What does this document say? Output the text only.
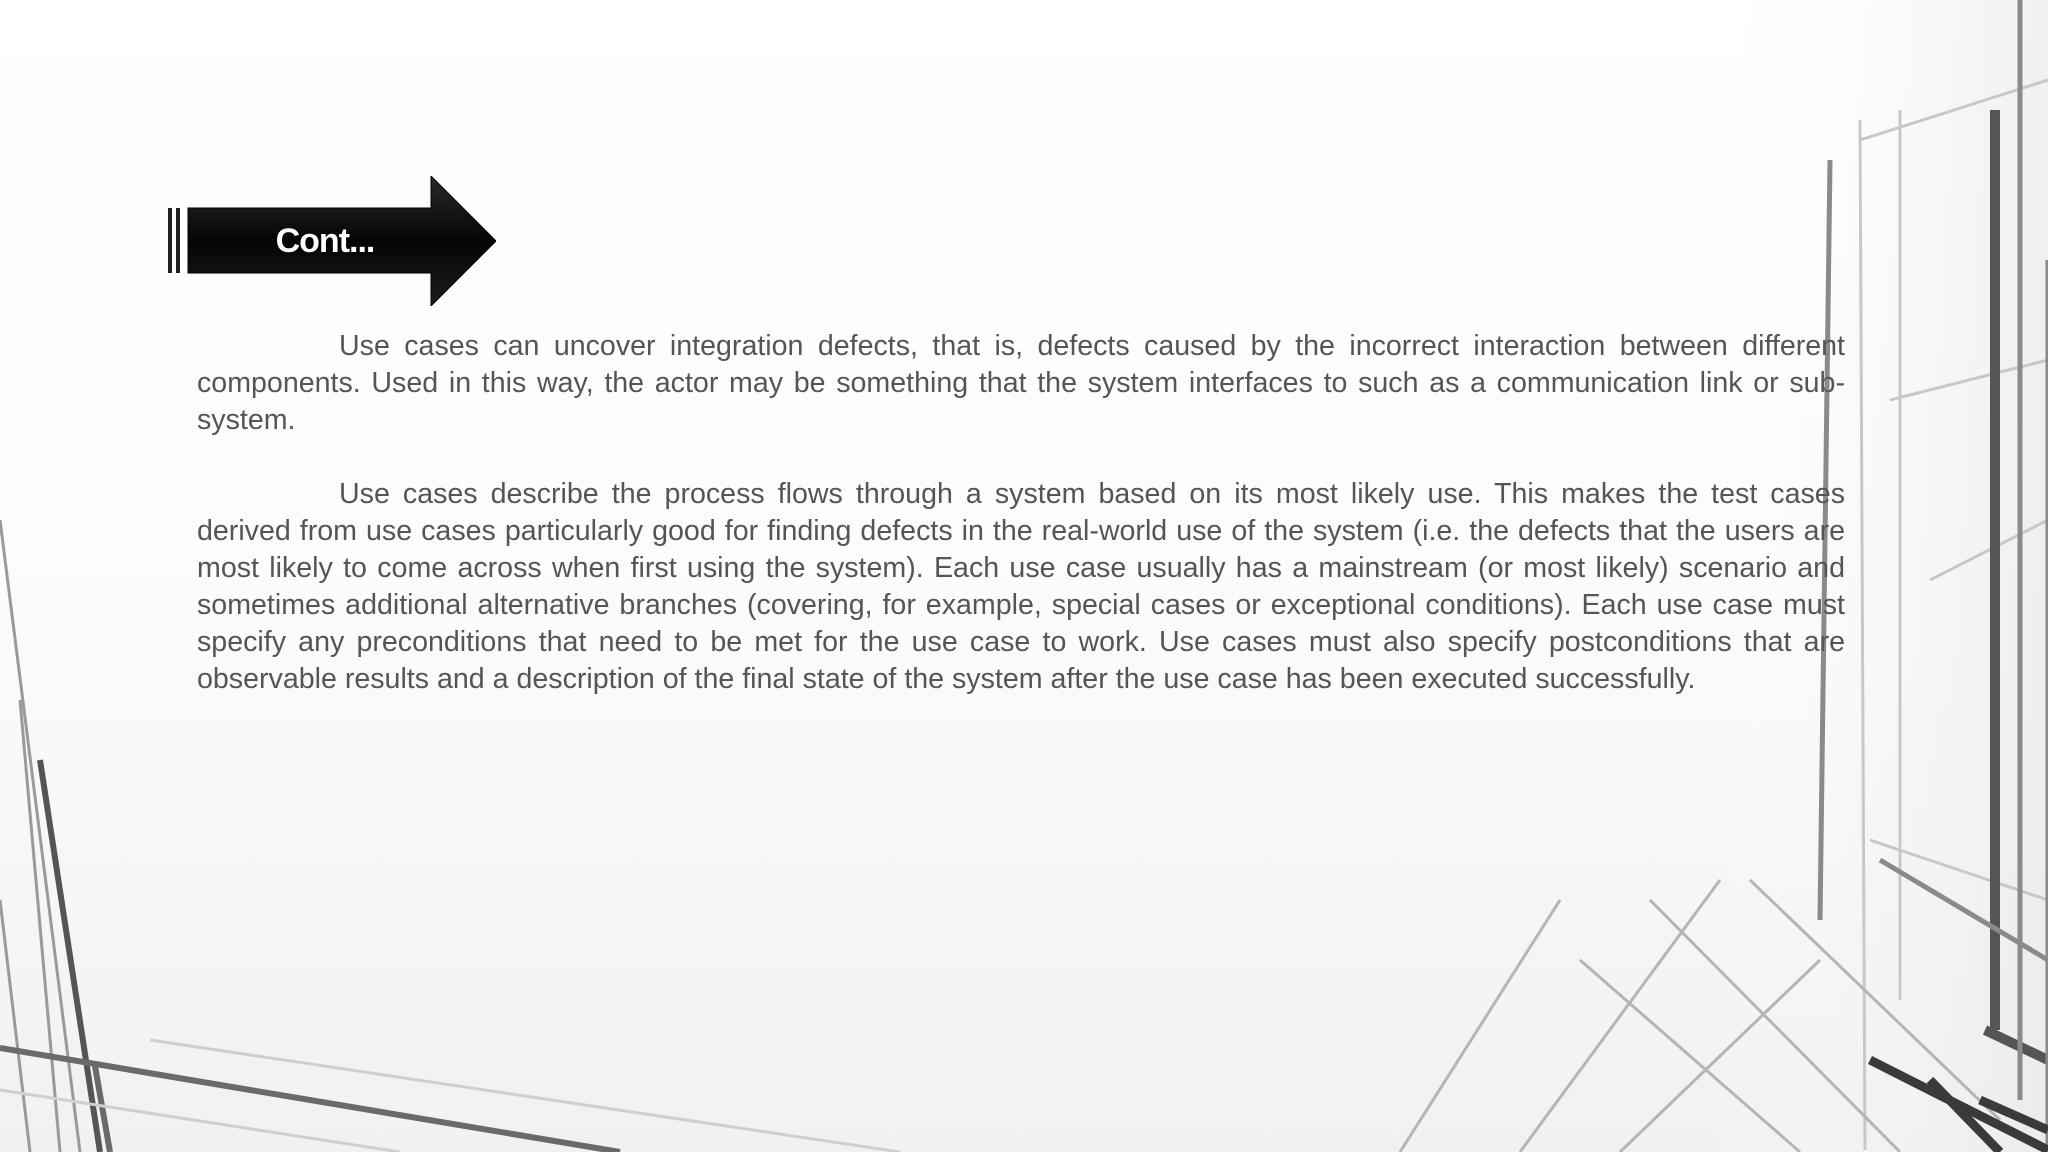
Cont...

Use cases can uncover integration defects, that is, defects caused by the incorrect interaction between different components. Used in this way, the actor may be something that the system interfaces to such as a communication link or sub-system.

Use cases describe the process flows through a system based on its most likely use. This makes the test cases derived from use cases particularly good for finding defects in the real-world use of the system (i.e. the defects that the users are most likely to come across when first using the system). Each use case usually has a mainstream (or most likely) scenario and sometimes additional alternative branches (covering, for example, special cases or exceptional conditions). Each use case must specify any preconditions that need to be met for the use case to work. Use cases must also specify postconditions that are observable results and a description of the final state of the system after the use case has been executed successfully.
